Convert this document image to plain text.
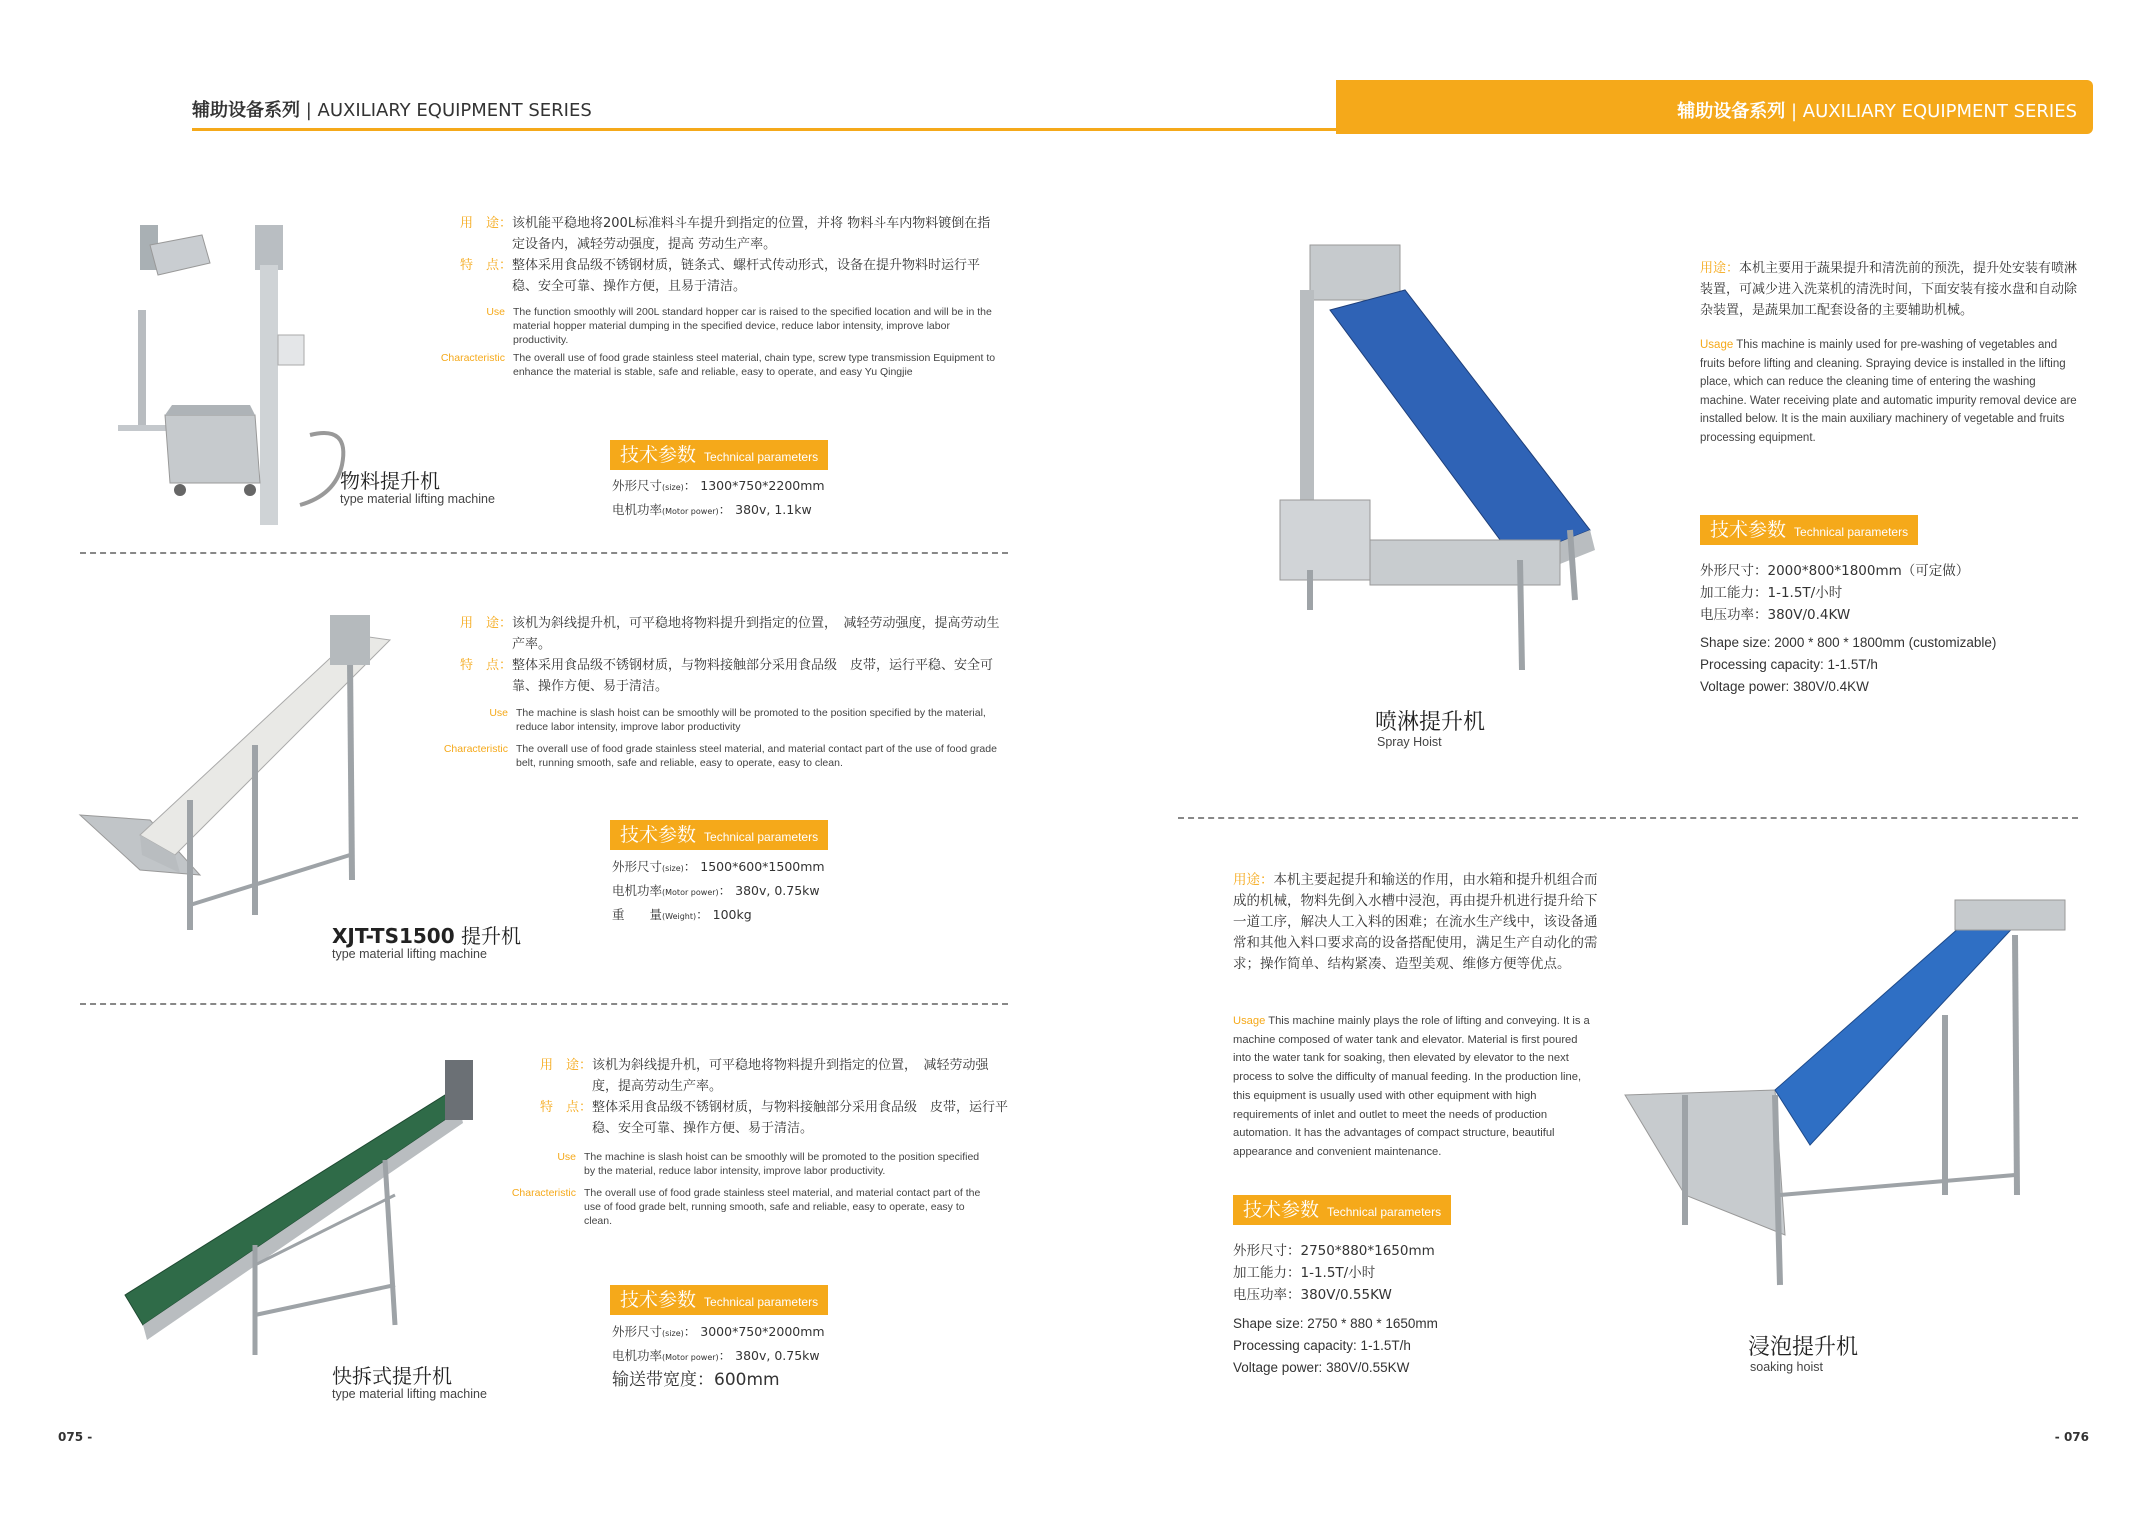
辅助设备系列 | AUXILIARY EQUIPMENT SERIES	辅助设备系列 | AUXILIARY EQUIPMENT SERIES
用　途： 该机能平稳地将200L标准料斗车提升到指定的位置，并将 物料斗车内物料镀倒在指定设备内，减轻劳动强度，提高 劳动生产率。
特　点： 整体采用食品级不锈钢材质，链条式、螺杆式传动形式，设备在提升物料时运行平稳、安全可靠、操作方便，且易于清洁。
Use The function smoothly will 200L standard hopper car is raised to the specified location and will be in the material hopper material dumping in the specified device, reduce labor intensity, improve labor productivity.
Characteristic The overall use of food grade stainless steel material, chain type, screw type transmission Equipment to enhance the material is stable, safe and reliable, easy to operate, and easy Yu Qingjie
技术参数 Technical parameters
外形尺寸(size)： 1300*750*2200mm
电机功率(Motor power)： 380v, 1.1kw
物料提升机
type material lifting machine
用　途： 该机为斜线提升机，可平稳地将物料提升到指定的位置，　减轻劳动强度，提高劳动生产率。
特　点： 整体采用食品级不锈钢材质，与物料接触部分采用食品级　皮带，运行平稳、安全可靠、操作方便、易于清洁。
Use The machine is slash hoist can be smoothly will be promoted to the position specified by the material, reduce labor intensity, improve labor productivity
Characteristic The overall use of food grade stainless steel material, and material contact part of the use of food grade belt, running smooth, safe and reliable, easy to operate, easy to clean.
技术参数 Technical parameters
外形尺寸(size)： 1500*600*1500mm
电机功率(Motor power)： 380v, 0.75kw
重　　量(Weight)： 100kg
XJT-TS1500 提升机
type material lifting machine
用　途： 该机为斜线提升机，可平稳地将物料提升到指定的位置，　减轻劳动强度，提高劳动生产率。
特　点： 整体采用食品级不锈钢材质，与物料接触部分采用食品级　皮带，运行平稳、安全可靠、操作方便、易于清洁。
Use The machine is slash hoist can be smoothly will be promoted to the position specified by the material, reduce labor intensity, improve labor productivity.
Characteristic The overall use of food grade stainless steel material, and material contact part of the use of food grade belt, running smooth, safe and reliable, easy to operate, easy to clean.
技术参数 Technical parameters
外形尺寸(size)： 3000*750*2000mm
电机功率(Motor power)： 380v, 0.75kw
输送带宽度：600mm
快拆式提升机
type material lifting machine
075 -
用途：本机主要用于蔬果提升和清洗前的预洗，提升处安装有喷淋装置，可减少进入洗菜机的清洗时间，下面安装有接水盘和自动除杂装置，是蔬果加工配套设备的主要辅助机械。
Usage This machine is mainly used for pre-washing of vegetables and fruits before lifting and cleaning. Spraying device is installed in the lifting place, which can reduce the cleaning time of entering the washing machine. Water receiving plate and automatic impurity removal device are installed below. It is the main auxiliary machinery of vegetable and fruits processing equipment.
技术参数 Technical parameters
外形尺寸：2000*800*1800mm（可定做）
加工能力：1-1.5T/小时
电压功率：380V/0.4KW
Shape size: 2000 * 800 * 1800mm (customizable)
Processing capacity: 1-1.5T/h
Voltage power: 380V/0.4KW
喷淋提升机
Spray Hoist
用途：本机主要起提升和输送的作用，由水箱和提升机组合而成的机械，物料先倒入水槽中浸泡，再由提升机进行提升给下一道工序，解决人工入料的困难；在流水生产线中，该设备通常和其他入料口要求高的设备搭配使用，满足生产自动化的需求；操作简单、结构紧凑、造型美观、维修方便等优点。
Usage This machine mainly plays the role of lifting and conveying. It is a machine composed of water tank and elevator. Material is first poured into the water tank for soaking, then elevated by elevator to the next process to solve the difficulty of manual feeding. In the production line, this equipment is usually used with other equipment with high requirements of inlet and outlet to meet the needs of production automation. It has the advantages of compact structure, beautiful appearance and convenient maintenance.
技术参数 Technical parameters
外形尺寸：2750*880*1650mm
加工能力：1-1.5T/小时
电压功率：380V/0.55KW
Shape size: 2750 * 880 * 1650mm
Processing capacity: 1-1.5T/h
Voltage power: 380V/0.55KW
浸泡提升机
soaking hoist
- 076
